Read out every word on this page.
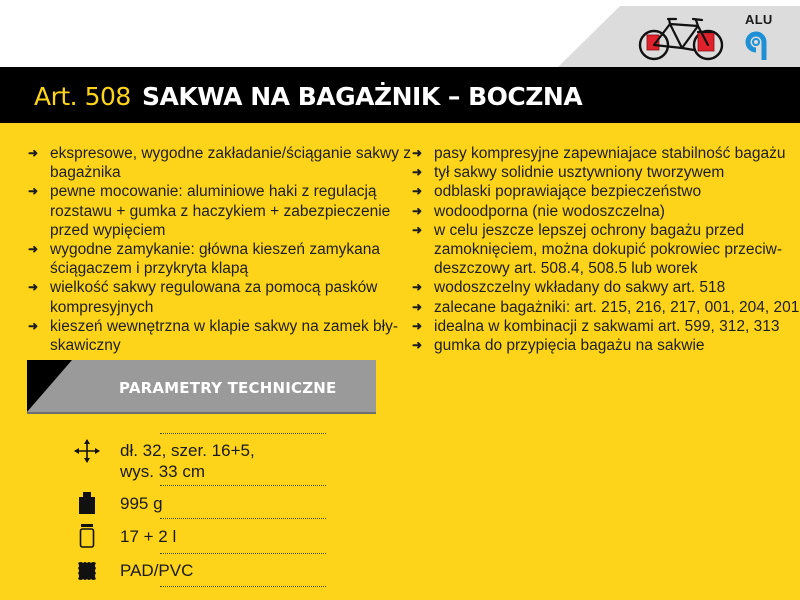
ALU
Art. 508 SAKWA NA BAGAŻNIK – BOCZNA
➜ ekspresowe, wygodne zakładanie/ściąganie sakwy z bagażnika
➜ pewne mocowanie: aluminiowe haki z regulacją rozstawu + gumka z haczykiem + zabezpieczenie przed wypięciem
➜ wygodne zamykanie: główna kieszeń zamykana ściągaczem i przykryta klapą
➜ wielkość sakwy regulowana za pomocą pasków kompresyjnych
➜ kieszeń wewnętrzna w klapie sakwy na zamek bły-skawiczny
➜ pasy kompresyjne zapewniajace stabilność bagażu
➜ tył sakwy solidnie usztywniony tworzywem
➜ odblaski poprawiające bezpieczeństwo
➜ wodoodporna (nie wodoszczelna)
➜ w celu jeszcze lepszej ochrony bagażu przed zamoknięciem, można dokupić pokrowiec przeciw-deszczowy art. 508.4, 508.5 lub worek
➜ wodoszczelny wkładany do sakwy art. 518
➜ zalecane bagażniki: art. 215, 216, 217, 001, 204, 201
➜ idealna w kombinacji z sakwami art. 599, 312, 313
➜ gumka do przypięcia bagażu na sakwie
PARAMETRY TECHNICZNE
dł. 32, szer. 16+5,
wys. 33 cm
995 g
17 + 2 l
PAD/PVC
